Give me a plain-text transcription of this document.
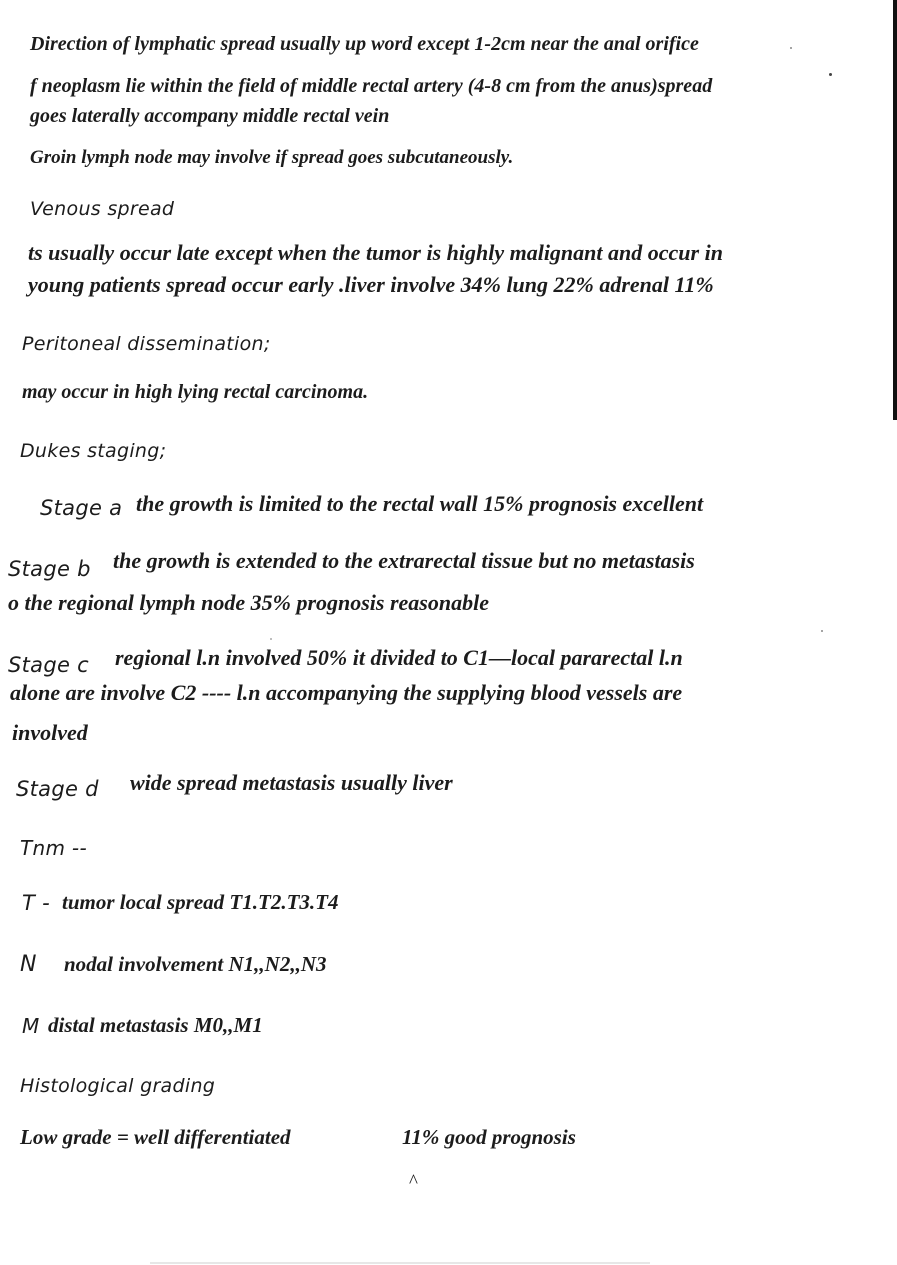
Direction of lymphatic spread usually up word except 1-2cm near the anal orifice
f neoplasm lie within the field of middle rectal artery (4-8 cm from the anus)spread
goes laterally accompany middle rectal vein
Groin lymph node may involve if spread goes subcutaneously.
Venous spread
ts usually occur late except when the tumor is highly malignant and occur in
young patients spread occur early .liver involve 34% lung 22% adrenal 11%
Peritoneal dissemination;
may occur in high lying rectal carcinoma.
Dukes staging;
Stage a the growth is limited to the rectal wall 15% prognosis excellent
Stage b the growth is extended to the extrarectal tissue but no metastasis
o the regional lymph node 35% prognosis reasonable
Stage c regional l.n involved 50% it divided to C1—local pararectal l.n
alone are involve C2 ---- l.n accompanying the supplying blood vessels are
involved
Stage d wide spread metastasis usually liver
Tnm --
T - tumor local spread T1.T2.T3.T4
N nodal involvement N1,,N2,,N3
M distal metastasis M0,,M1
Histological grading
Low grade = well differentiated	11% good prognosis
^
